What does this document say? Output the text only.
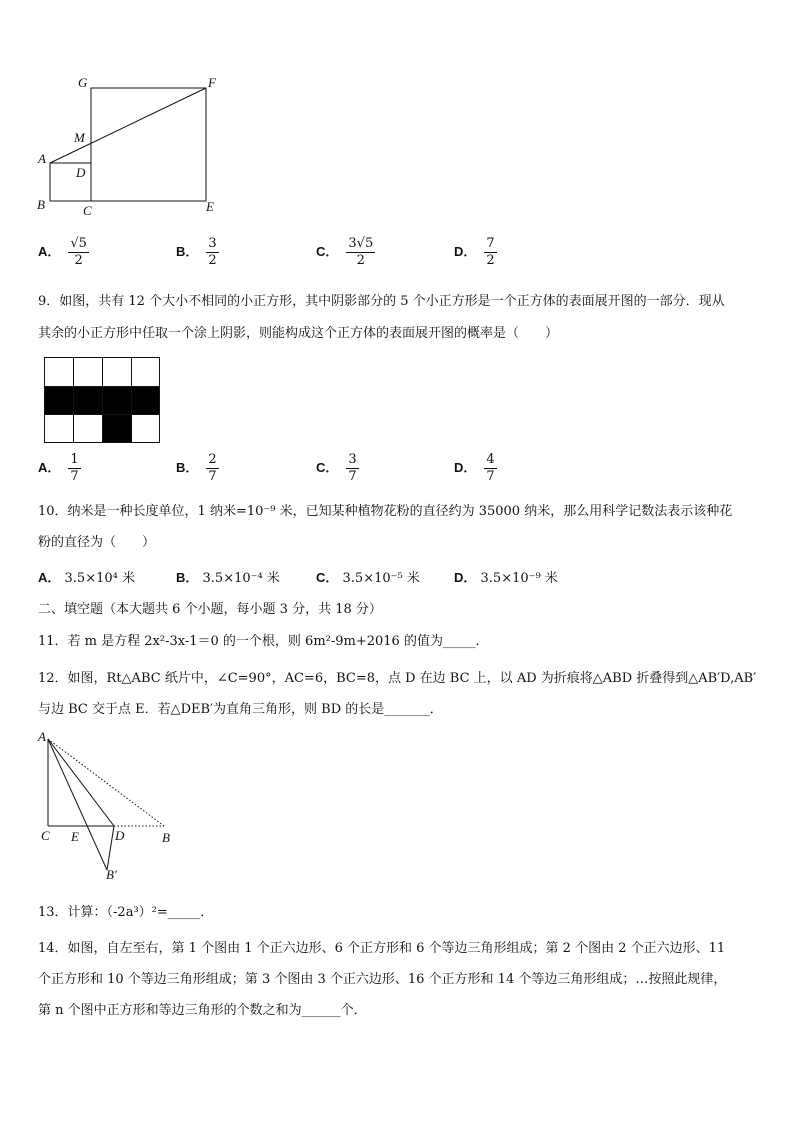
G	F
M
A
D
B	C	E
A． $\frac{√5}{2}$	B． $\frac{3}{2}$	C． $\frac{3√5}{2}$	D． $\frac{7}{2}$
9．如图，共有 12 个大小不相同的小正方形，其中阴影部分的 5 个小正方形是一个正方体的表面展开图的一部分．现从
其余的小正方形中任取一个涂上阴影，则能构成这个正方体的表面展开图的概率是（　　）
A． $\frac{1}{7}$	B． $\frac{2}{7}$	C． $\frac{3}{7}$	D． $\frac{4}{7}$
10．纳米是一种长度单位，1 纳米=10⁻⁹ 米，已知某种植物花粉的直径约为 35000 纳米，那么用科学记数法表示该种花
粉的直径为（　　）
A． 3.5×10⁴ 米	B． 3.5×10⁻⁴ 米	C． 3.5×10⁻⁵ 米	D． 3.5×10⁻⁹ 米
二、填空题（本大题共 6 个小题，每小题 3 分，共 18 分）
11．若 m 是方程 2x²-3x-1＝0 的一个根，则 6m²-9m+2016 的值为_____．
12．如图，Rt△ABC 纸片中，∠C=90°，AC=6，BC=8，点 D 在边 BC 上，以 AD 为折痕将△ABD 折叠得到△AB′D,AB′
与边 BC 交于点 E．若△DEB′为直角三角形，则 BD 的长是_______．
A
C E	D	B
B′
13．计算：（-2a³）²=_____．
14．如图，自左至右，第 1 个图由 1 个正六边形、6 个正方形和 6 个等边三角形组成；第 2 个图由 2 个正六边形、11
个正方形和 10 个等边三角形组成；第 3 个图由 3 个正六边形、16 个正方形和 14 个等边三角形组成；…按照此规律，
第 n 个图中正方形和等边三角形的个数之和为______个．
